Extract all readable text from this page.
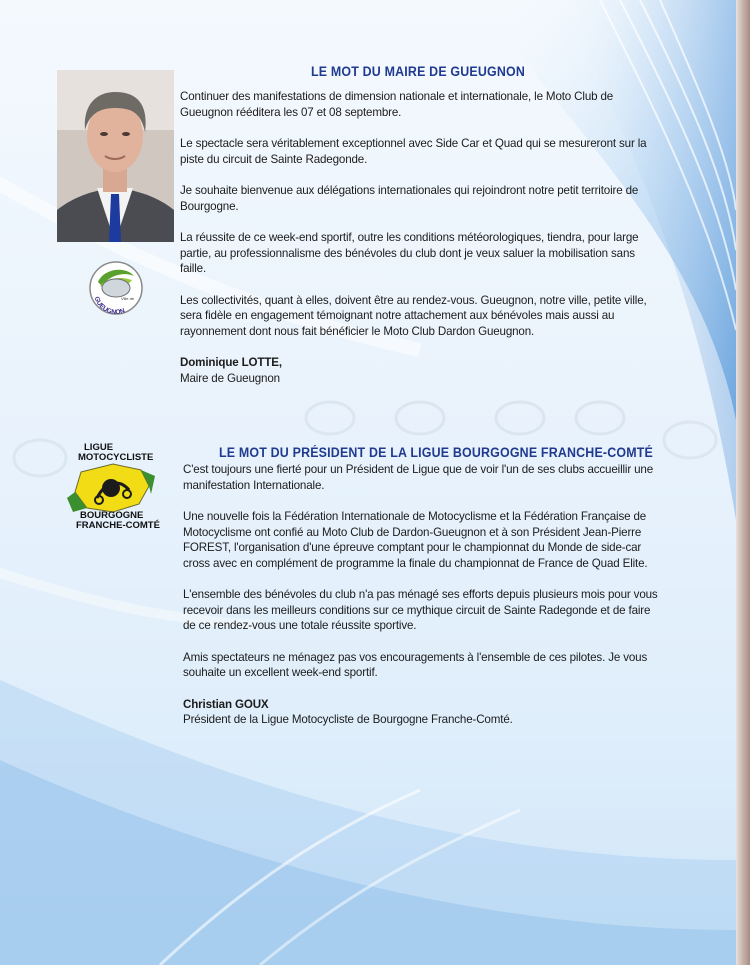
Ville de
GUEUGNON
LE MOT DU MAIRE DE GUEUGNON

Continuer des manifestations de dimension nationale et internationale, le Moto Club de Gueugnon rééditera les 07 et 08 septembre.

Le spectacle sera véritablement exceptionnel avec Side Car et Quad qui se mesureront sur la piste du circuit de Sainte Radegonde.

Je souhaite bienvenue aux délégations internationales qui rejoindront notre petit territoire de Bourgogne.

La réussite de ce week-end sportif, outre les conditions météorologiques, tiendra, pour large partie, au professionnalisme des bénévoles du club dont je veux saluer la mobilisation sans faille.

Les collectivités, quant à elles, doivent être au rendez-vous. Gueugnon, notre ville, petite ville, sera fidèle en engagement témoignant notre attachement aux bénévoles mais aussi au rayonnement dont nous fait bénéficier le Moto Club Dardon Gueugnon.

Dominique LOTTE,

Maire de Gueugnon

LIGUE
MOTOCYCLISTE
BOURGOGNE
FRANCHE-COMTÉ
LE MOT DU PRÉSIDENT DE LA LIGUE BOURGOGNE FRANCHE-COMTÉ

C'est toujours une fierté pour un Président de Ligue que de voir l'un de ses clubs accueillir une manifestation Internationale.

Une nouvelle fois la Fédération Internationale de Motocyclisme et la Fédération Française de Motocyclisme ont confié au Moto Club de Dardon-Gueugnon et à son Président Jean-Pierre FOREST, l'organisation d'une épreuve comptant pour le championnat du Monde de side-car cross avec en complément de programme la finale du championnat de France de Quad Elite.

L'ensemble des bénévoles du club n'a pas ménagé ses efforts depuis plusieurs mois pour vous recevoir dans les meilleurs conditions sur ce mythique circuit de Sainte Radegonde et de faire de ce rendez-vous une totale réussite sportive.

Amis spectateurs ne ménagez pas vos encouragements à l'ensemble de ces pilotes. Je vous souhaite un excellent week-end sportif.

Christian GOUX

Président de la Ligue Motocycliste de Bourgogne Franche-Comté.
